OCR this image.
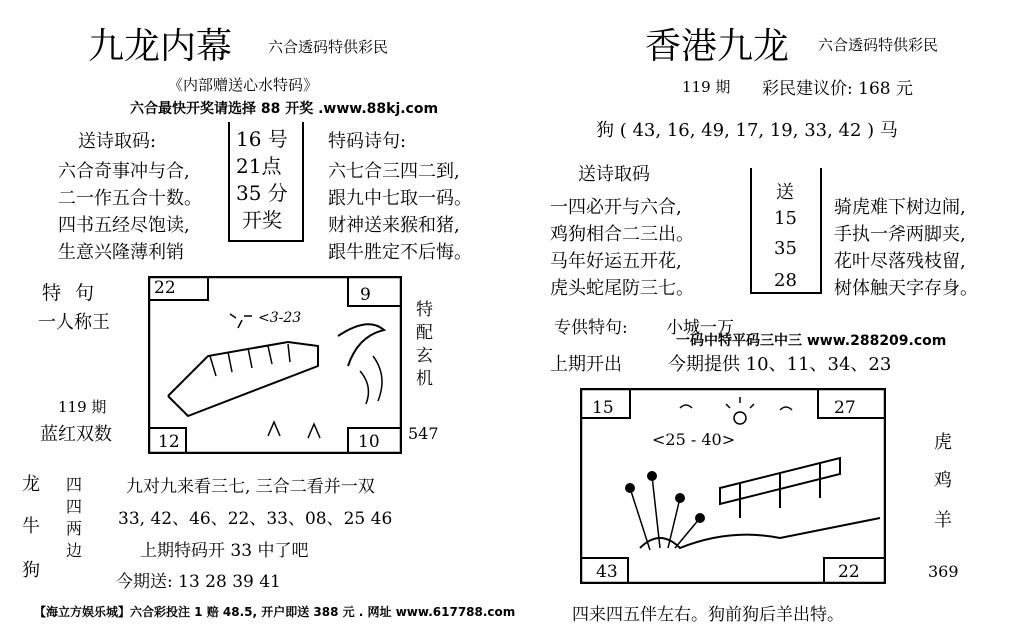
九龙内幕 六合透码特供彩民
《内部赠送心水特码》
六合最快开奖请选择 88 开奖 .www.88kj.com
送诗取码:
六合奇事冲与合,
二一作五合十数。
四书五经尽饱读,
生意兴隆薄利销
16 号
21点
35 分
开奖
特码诗句:
六七合三四二到,
跟九中七取一码。
财神送来猴和猪,
跟牛胜定不后悔。
特 句
一人称王
119 期
蓝红双数
22	9
12	10
<3-23	特配玄机
547
龙
牛
狗
四
四
两
边
九对九来看三七, 三合二看并一双
33, 42、46、22、33、08、25 46
上期特码开 33 中了吧
今期送: 13 28 39 41
香港九龙 六合透码特供彩民
119 期 彩民建议价: 168 元
狗 ( 43, 16, 49, 17, 19, 33, 42 ) 马
送诗取码
一四必开与六合,
鸡狗相合二三出。
马年好运五开花,
虎头蛇尾防三七。
送
15
35
28
骑虎难下树边闹,
手执一斧两脚夹,
花叶尽落残枝留,
树体触天字存身。
专供特句: 小城一万
一码中特平码三中三 www.288209.com
上期开出	今期提供 10、11、34、23
15	27
43	22
<25 - 40>	虎
鸡
羊
369
四来四五伴左右。狗前狗后羊出特。
【海立方娱乐城】六合彩投注 1 赔 48.5, 开户即送 388 元 . 网址 www.617788.com
